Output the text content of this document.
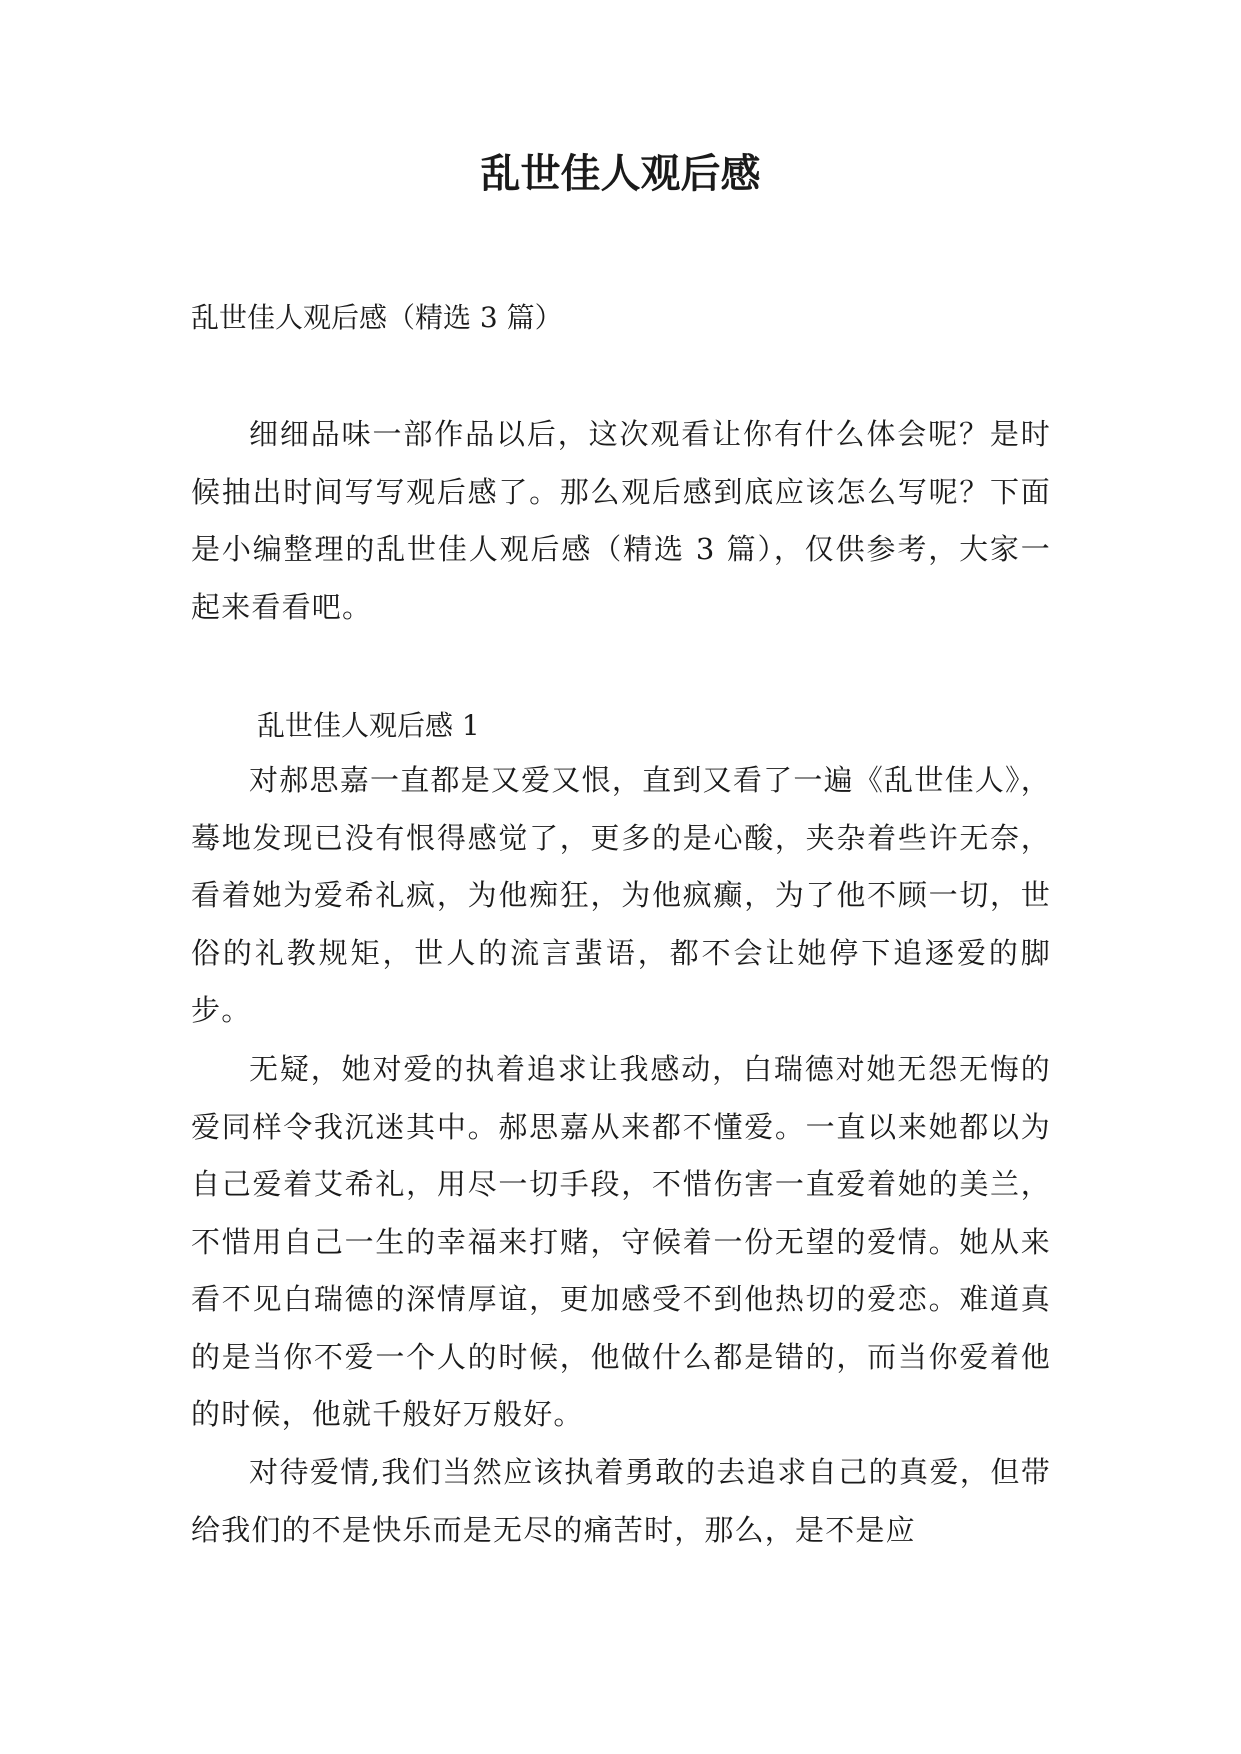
乱世佳人观后感

乱世佳人观后感（精选 3 篇）

细细品味一部作品以后，这次观看让你有什么体会呢？是时候抽出时间写写观后感了。那么观后感到底应该怎么写呢？下面是小编整理的乱世佳人观后感（精选 3 篇），仅供参考，大家一起来看看吧。

乱世佳人观后感 1

对郝思嘉一直都是又爱又恨，直到又看了一遍《乱世佳人》，蓦地发现已没有恨得感觉了，更多的是心酸，夹杂着些许无奈，看着她为爱希礼疯，为他痴狂，为他疯癫，为了他不顾一切，世俗的礼教规矩，世人的流言蜚语，都不会让她停下追逐爱的脚步。

无疑，她对爱的执着追求让我感动，白瑞德对她无怨无悔的爱同样令我沉迷其中。郝思嘉从来都不懂爱。一直以来她都以为自己爱着艾希礼，用尽一切手段，不惜伤害一直爱着她的美兰，不惜用自己一生的幸福来打赌，守候着一份无望的爱情。她从来看不见白瑞德的深情厚谊，更加感受不到他热切的爱恋。难道真的是当你不爱一个人的时候，他做什么都是错的，而当你爱着他的时候，他就千般好万般好。

对待爱情,我们当然应该执着勇敢的去追求自己的真爱，但带给我们的不是快乐而是无尽的痛苦时，那么，是不是应
